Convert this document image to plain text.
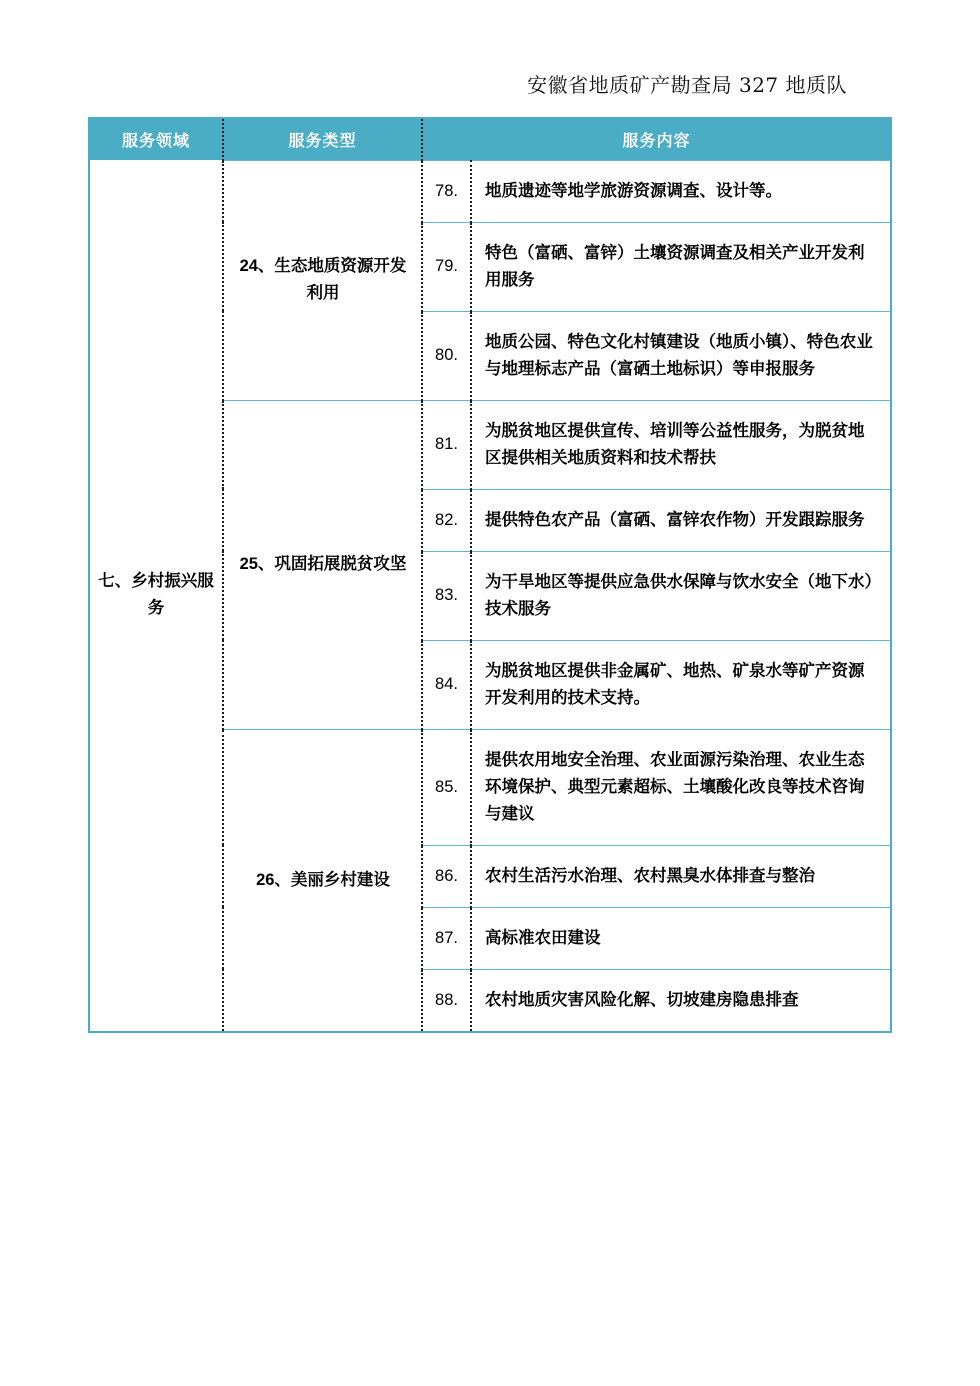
安徽省地质矿产勘查局 327 地质队
服务领域	服务类型	服务内容	
七、乡村振兴服务	24、生态地质资源开发利用	78.	地质遗迹等地学旅游资源调查、设计等。
		79.	特色（富硒、富锌）土壤资源调查及相关产业开发利用服务
		80.	地质公园、特色文化村镇建设（地质小镇）、特色农业与地理标志产品（富硒土地标识）等申报服务
	25、巩固拓展脱贫攻坚	81.	为脱贫地区提供宣传、培训等公益性服务，为脱贫地区提供相关地质资料和技术帮扶
		82.	提供特色农产品（富硒、富锌农作物）开发跟踪服务
		83.	为干旱地区等提供应急供水保障与饮水安全（地下水）技术服务
		84.	为脱贫地区提供非金属矿、地热、矿泉水等矿产资源开发利用的技术支持。
	26、美丽乡村建设	85.	提供农用地安全治理、农业面源污染治理、农业生态环境保护、典型元素超标、土壤酸化改良等技术咨询与建议
		86.	农村生活污水治理、农村黑臭水体排查与整治
		87.	高标准农田建设
		88.	农村地质灾害风险化解、切坡建房隐患排查
